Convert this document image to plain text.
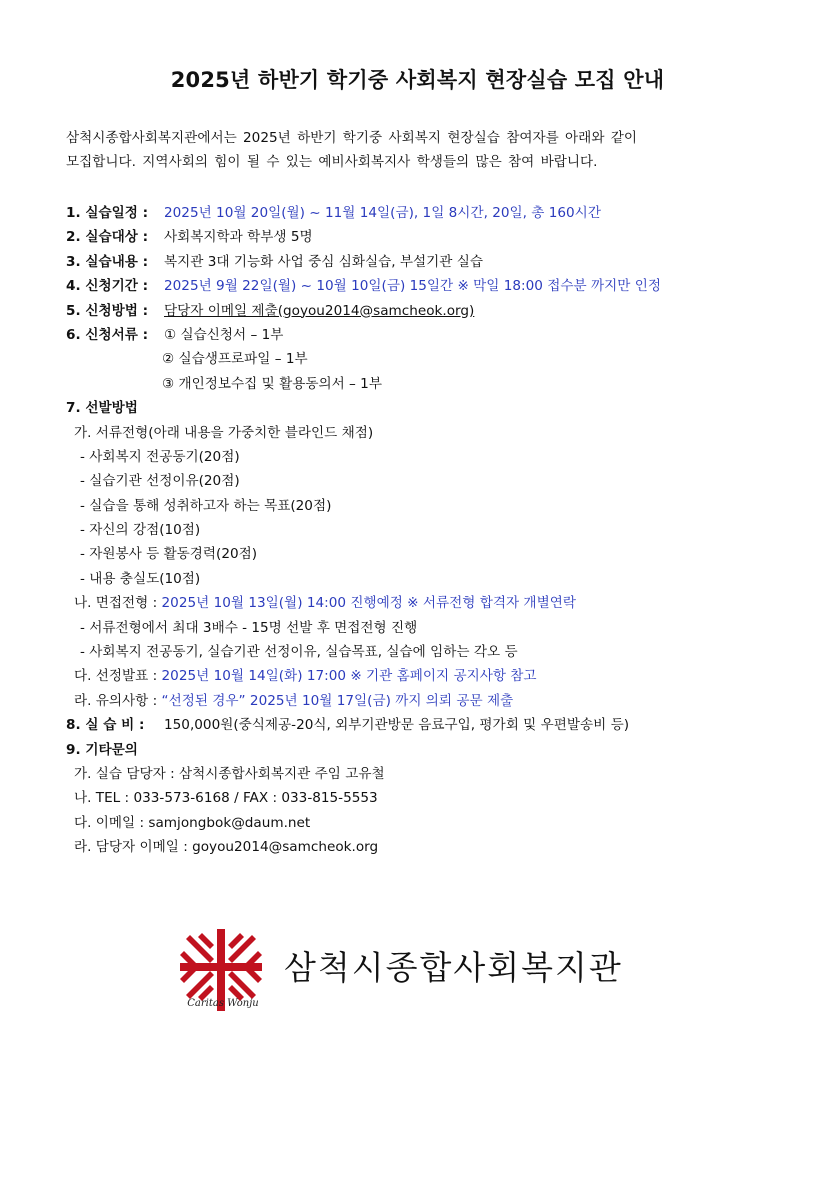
2025년 하반기 학기중 사회복지 현장실습 모집 안내
삼척시종합사회복지관에서는 2025년 하반기 학기중 사회복지 현장실습 참여자를 아래와 같이
모집합니다. 지역사회의 힘이 될 수 있는 예비사회복지사 학생들의 많은 참여 바랍니다.
1. 실습일정 : 2025년 10월 20일(월) ~ 11월 14일(금), 1일 8시간, 20일, 총 160시간
2. 실습대상 : 사회복지학과 학부생 5명
3. 실습내용 : 복지관 3대 기능화 사업 중심 심화실습, 부설기관 실습
4. 신청기간 : 2025년 9월 22일(월) ~ 10월 10일(금) 15일간 ※ 막일 18:00 접수분 까지만 인정
5. 신청방법 : 담당자 이메일 제출(goyou2014@samcheok.org)
6. 신청서류 : ① 실습신청서 – 1부
② 실습생프로파일 – 1부
③ 개인정보수집 및 활용동의서 – 1부
7. 선발방법
가. 서류전형(아래 내용을 가중치한 블라인드 채점)
- 사회복지 전공동기(20점)
- 실습기관 선정이유(20점)
- 실습을 통해 성취하고자 하는 목표(20점)
- 자신의 강점(10점)
- 자원봉사 등 활동경력(20점)
- 내용 충실도(10점)
나. 면접전형 : 2025년 10월 13일(월) 14:00 진행예정 ※ 서류전형 합격자 개별연락
- 서류전형에서 최대 3배수 - 15명 선발 후 면접전형 진행
- 사회복지 전공동기, 실습기관 선정이유, 실습목표, 실습에 임하는 각오 등
다. 선정발표 : 2025년 10월 14일(화) 17:00 ※ 기관 홈페이지 공지사항 참고
라. 유의사항 : “선정된 경우” 2025년 10월 17일(금) 까지 의뢰 공문 제출
8. 실 습 비 : 150,000원(중식제공-20식, 외부기관방문 음료구입, 평가회 및 우편발송비 등)
9. 기타문의
가. 실습 담당자 : 삼척시종합사회복지관 주임 고유철
나. TEL : 033-573-6168 / FAX : 033-815-5553
다. 이메일 : samjongbok@daum.net
라. 담당자 이메일 : goyou2014@samcheok.org
Caritas Wonju
삼척시종합사회복지관
